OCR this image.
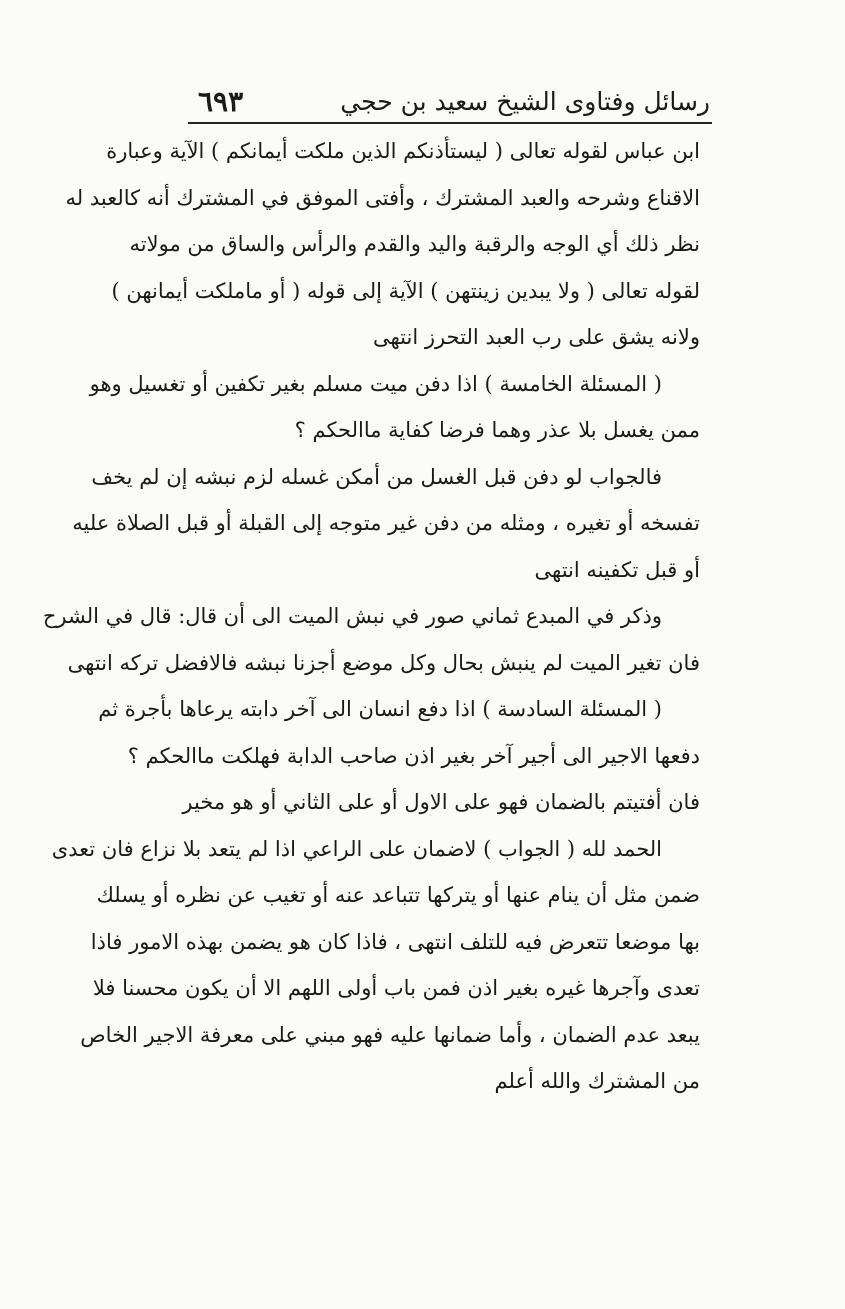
رسائل وفتاوى الشيخ سعيد بن حجي
٦٩٣
ابن عباس لقوله تعالى ( ليستأذنكم الذين ملكت أيمانكم ) الآية وعبارة
الاقناع وشرحه والعبد المشترك ، وأفتى الموفق في المشترك أنه كالعبد له
نظر ذلك أي الوجه والرقبة واليد والقدم والرأس والساق من مولاته
لقوله تعالى ( ولا يبدين زينتهن ) الآية إلى قوله ( أو ماملكت أيمانهن )
ولانه يشق على رب العبد التحرز انتهى
( المسئلة الخامسة ) اذا دفن ميت مسلم بغير تكفين أو تغسيل وهو
ممن يغسل بلا عذر وهما فرضا كفاية ماالحكم ؟
فالجواب لو دفن قبل الغسل من أمكن غسله لزم نبشه إن لم يخف
تفسخه أو تغيره ، ومثله من دفن غير متوجه إلى القبلة أو قبل الصلاة عليه
أو قبل تكفينه انتهى
وذكر في المبدع ثماني صور في نبش الميت الى أن قال: قال في الشرح
فان تغير الميت لم ينبش بحال وكل موضع أجزنا نبشه فالافضل تركه انتهى
( المسئلة السادسة ) اذا دفع انسان الى آخر دابته يرعاها بأجرة ثم
دفعها الاجير الى أجير آخر بغير اذن صاحب الدابة فهلكت ماالحكم ؟
فان أفتيتم بالضمان فهو على الاول أو على الثاني أو هو مخير
الحمد لله ( الجواب ) لاضمان على الراعي اذا لم يتعد بلا نزاع فان تعدى
ضمن مثل أن ينام عنها أو يتركها تتباعد عنه أو تغيب عن نظره أو يسلك
بها موضعا تتعرض فيه للتلف انتهى ، فاذا كان هو يضمن بهذه الامور فاذا
تعدى وآجرها غيره بغير اذن فمن باب أولى اللهم الا أن يكون محسنا فلا
يبعد عدم الضمان ، وأما ضمانها عليه فهو مبني على معرفة الاجير الخاص
من المشترك والله أعلم
